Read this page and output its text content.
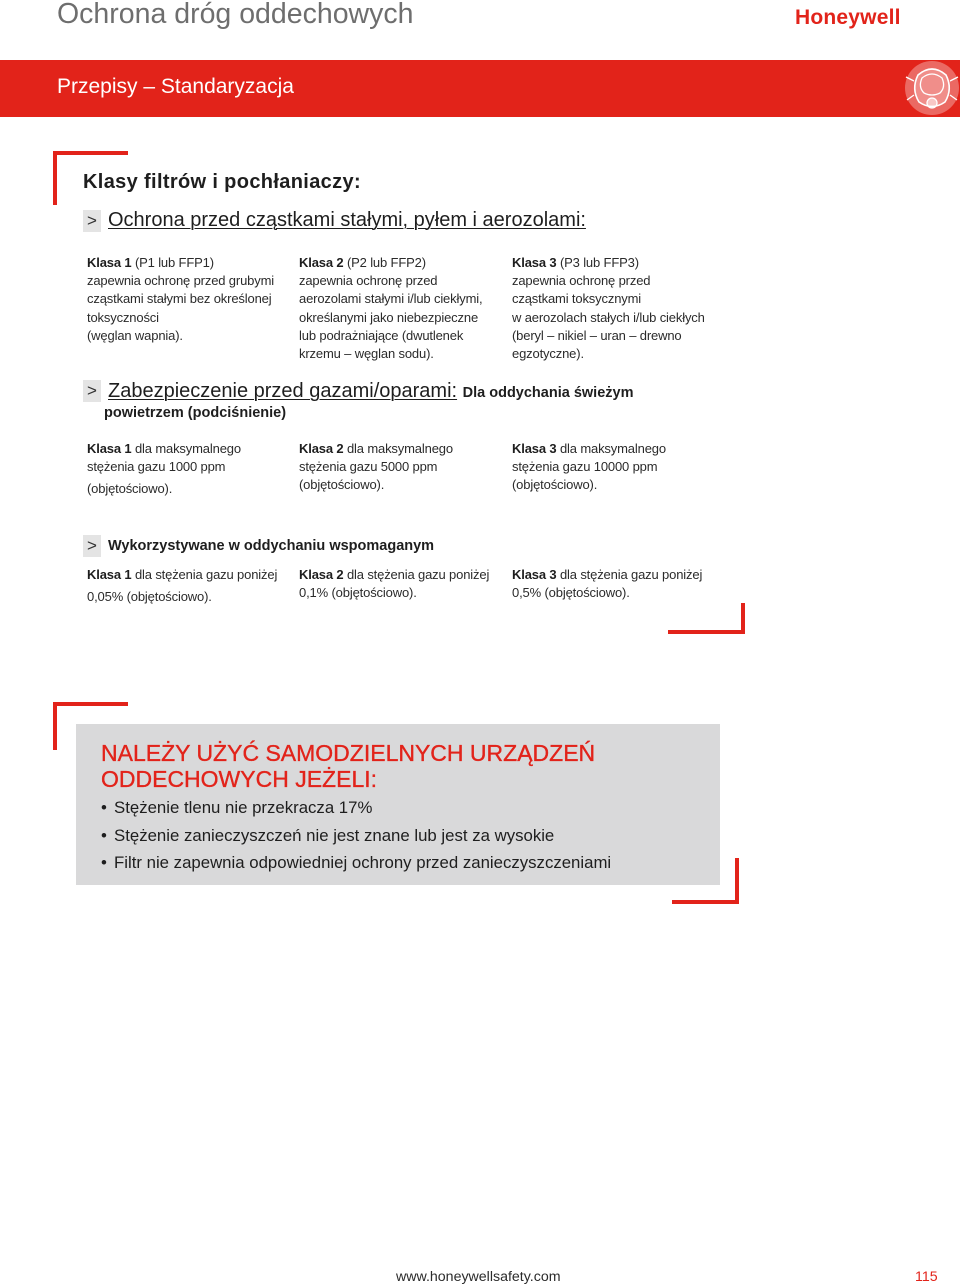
Ochrona dróg oddechowych	Honeywell
Przepisy – Standaryzacja
Klasy filtrów i pochłaniaczy:
> Ochrona przed cząstkami stałymi, pyłem i aerozolami:
Klasa 1 (P1 lub FFP1)
zapewnia ochronę przed grubymi
cząstkami stałymi bez określonej
toksyczności
(węglan wapnia).
Klasa 2 (P2 lub FFP2)
zapewnia ochronę przed
aerozolami stałymi i/lub ciekłymi,
określanymi jako niebezpieczne
lub podrażniające (dwutlenek
krzemu – węglan sodu).
Klasa 3 (P3 lub FFP3)
zapewnia ochronę przed
cząstkami toksycznymi
w aerozolach stałych i/lub ciekłych
(beryl – nikiel – uran – drewno
egzotyczne).
> Zabezpieczenie przed gazami/oparami: Dla oddychania świeżym
powietrzem (podciśnienie)
Klasa 1 dla maksymalnego
stężenia gazu 1000 ppm
(objętościowo).
Klasa 2 dla maksymalnego
stężenia gazu 5000 ppm
(objętościowo).
Klasa 3 dla maksymalnego
stężenia gazu 10000 ppm
(objętościowo).
> Wykorzystywane w oddychaniu wspomaganym
Klasa 1 dla stężenia gazu poniżej
0,05% (objętościowo).
Klasa 2 dla stężenia gazu poniżej
0,1% (objętościowo).
Klasa 3 dla stężenia gazu poniżej
0,5% (objętościowo).
NALEŻY UŻYĆ SAMODZIELNYCH URZĄDZEŃ
ODDECHOWYCH JEŻELI:
• Stężenie tlenu nie przekracza 17%
• Stężenie zanieczyszczeń nie jest znane lub jest za wysokie
• Filtr nie zapewnia odpowiedniej ochrony przed zanieczyszczeniami
www.honeywellsafety.com	115
